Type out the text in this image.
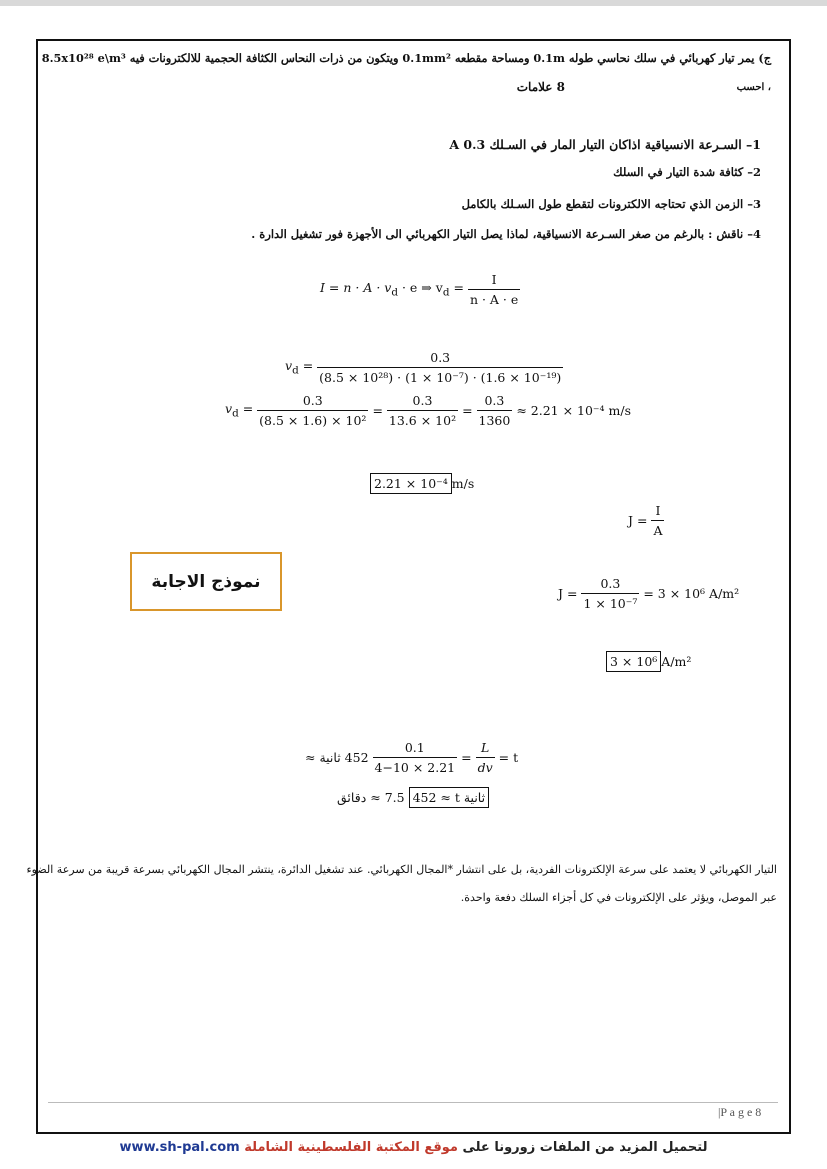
ج) يمر تيار كهربائي في سلك نحاسي طوله 0.1m ومساحة مقطعه 0.1mm² ويتكون من ذرات النحاس الكثافة الحجمية للالكترونات فيه 8.5x10²⁸ e\m³
، احسب
8 علامات
1– السـرعة الانسياقية اذاكان التيار المار في السـلك 0.3 A
2– كثافة شدة التيار في السلك
3– الزمن الذي تحتاجه الالكترونات لتقطع طول السـلك بالكامل
4– ناقش : بالرغم من صغر السـرعة الانسياقية، لماذا يصل التيار الكهربائي الى الأجهزة فور تشغيل الدارة .
$I = n \cdot A \cdot v_d \cdot e$ ⇒ $v_d = \frac{I}{n \cdot A \cdot e}$
$v_d = \frac{0.3}{\text{(8.5 × 10²⁸) · (1 × 10⁻⁷) · (1.6 × 10⁻¹⁹)}}$
$v_d = \frac{0.3}{\text{(8.5 × 1.6) × 10²}} = \frac{0.3}{\text{13.6 × 10²}} = \frac{0.3}{1360} \approx 2.21 \times 10^{-4}$ m/s
2.21 × 10⁻⁴ m/s
$J = \frac{I}{A}$
نموذج الاجابة
$J = \frac{0.3}{\text{1 × 10⁻⁷}} = 3 \times 10^6$ A/m²
3 × 10⁶ A/m²
452 ثانية ≈ $\frac{0.1}{4-10 \times 2.21} = \frac{L}{dv} = t$
7.5 ≈ دقائق 452 ≈ t ثانية
التيار الكهربائي لا يعتمد على سرعة الإلكترونات الفردية، بل على انتشار *المجال الكهربائي. عند تشغيل الدائرة، ينتشر المجال الكهربائي بسرعة قريبة من سرعة الضوء
عبر الموصل، ويؤثر على الإلكترونات في كل أجزاء السلك دفعة واحدة.
|P a g e 8
لتحميل المزيد من الملفات زورونا على موقع المكتبة الفلسطينية الشاملة www.sh-pal.com
